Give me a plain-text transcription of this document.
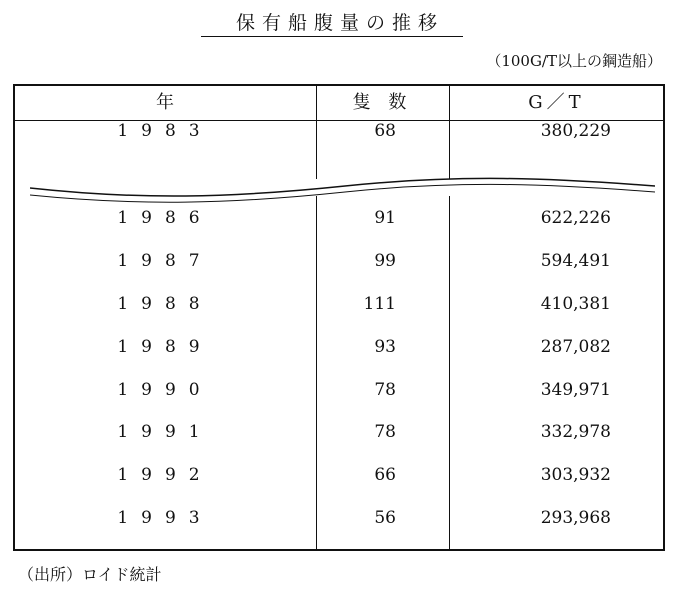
保有船腹量の推移
（100G/T以上の鋼造船）
年	隻 数	G／T
1983	68	380,229
1986	91	622,226
1987	99	594,491
1988	111	410,381
1989	93	287,082
1990	78	349,971
1991	78	332,978
1992	66	303,932
1993	56	293,968
（出所）ロイド統計
